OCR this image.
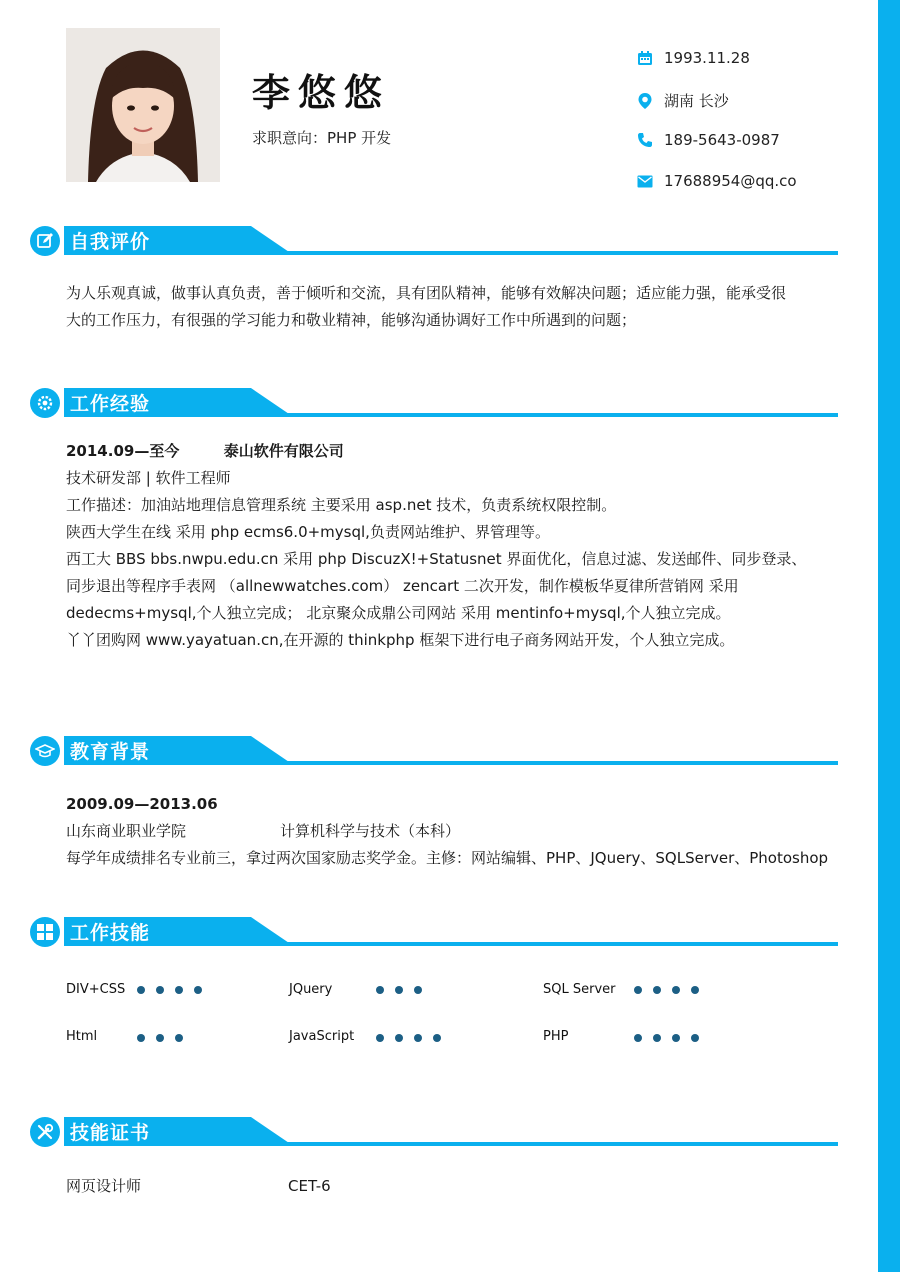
李悠悠
求职意向：PHP 开发
1993.11.28
湖南 长沙
189-5643-0987
17688954@qq.co
自我评价
为人乐观真诚，做事认真负责，善于倾听和交流，具有团队精神，能够有效解决问题；适应能力强，能承受很
大的工作压力，有很强的学习能力和敬业精神，能够沟通协调好工作中所遇到的问题；
工作经验
2014.09—至今	泰山软件有限公司
技术研发部 | 软件工程师
工作描述：加油站地理信息管理系统 主要采用 asp.net 技术，负责系统权限控制。
陕西大学生在线 采用 php ecms6.0+mysql,负责网站维护、界管理等。
西工大 BBS bbs.nwpu.edu.cn 采用 php DiscuzX!+Statusnet 界面优化，信息过滤、发送邮件、同步登录、
同步退出等程序手表网 （allnewwatches.com） zencart 二次开发，制作模板华夏律所营销网 采用
dedecms+mysql,个人独立完成； 北京聚众成鼎公司网站 采用 mentinfo+mysql,个人独立完成。
丫丫团购网 www.yayatuan.cn,在开源的 thinkphp 框架下进行电子商务网站开发，个人独立完成。
教育背景
2009.09—2013.06
山东商业职业学院	计算机科学与技术（本科）
每学年成绩排名专业前三，拿过两次国家励志奖学金。主修：网站编辑、PHP、JQuery、SQLServer、Photoshop
工作技能
DIV+CSS	JQuery	SQL Server
Html	JavaScript	PHP
技能证书
网页设计师	CET-6
